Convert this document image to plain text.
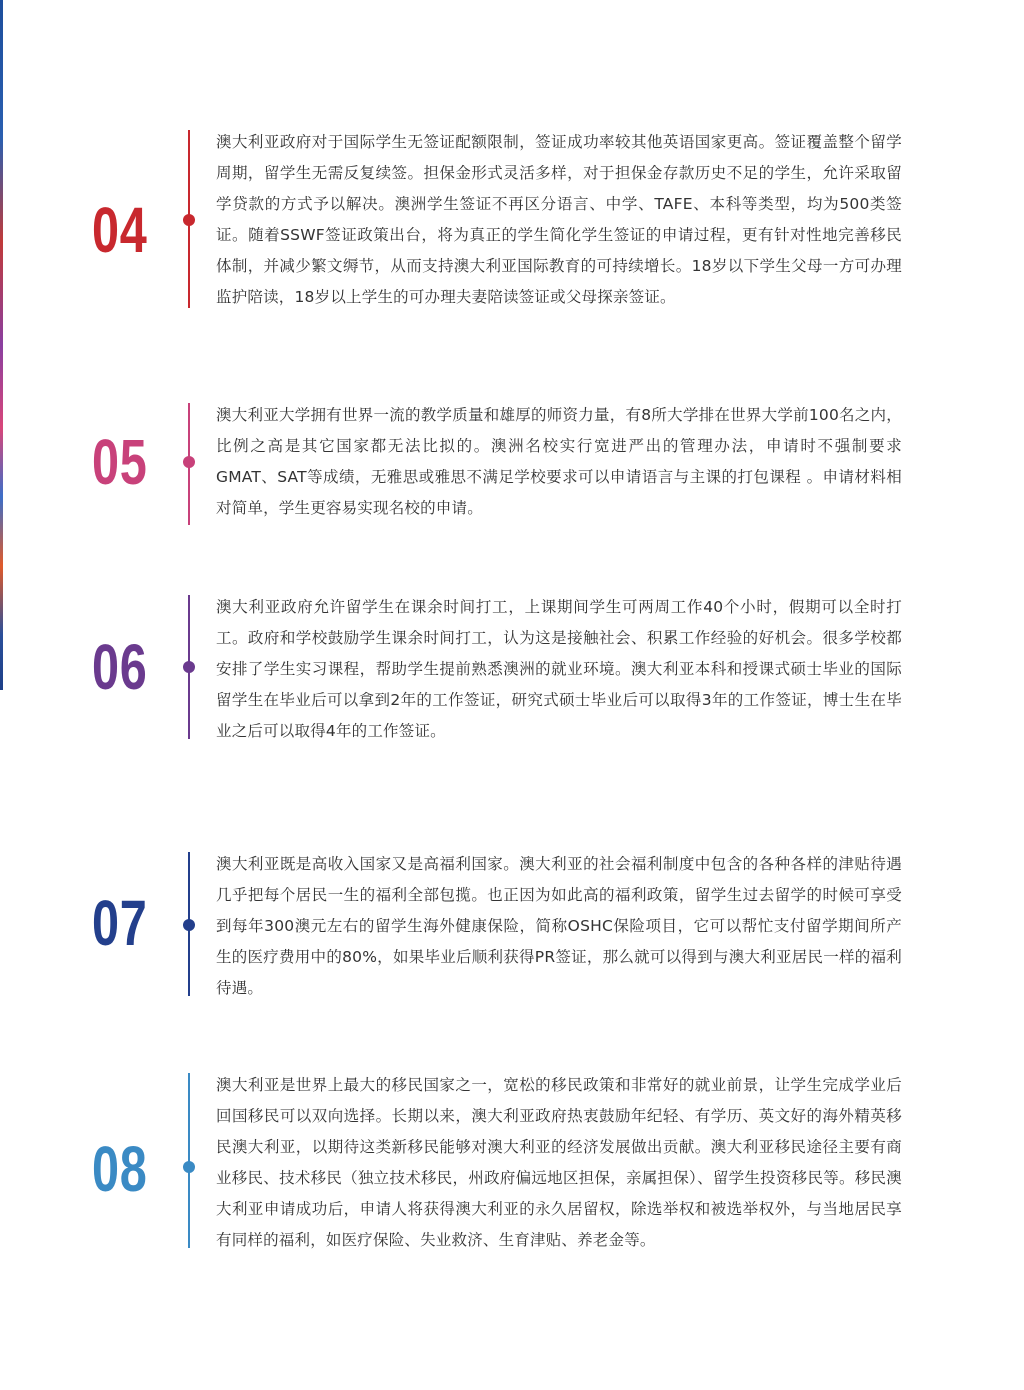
04

澳大利亚政府对于国际学生无签证配额限制，签证成功率较其他英语国家更高。签证覆盖整个留学周期，留学生无需反复续签。担保金形式灵活多样，对于担保金存款历史不足的学生，允许采取留学贷款的方式予以解决。澳洲学生签证不再区分语言、中学、TAFE、本科等类型，均为500类签证。随着SSWF签证政策出台，将为真正的学生简化学生签证的申请过程，更有针对性地完善移民体制，并减少繁文缛节，从而支持澳大利亚国际教育的可持续增长。18岁以下学生父母一方可办理监护陪读，18岁以上学生的可办理夫妻陪读签证或父母探亲签证。

05

澳大利亚大学拥有世界一流的教学质量和雄厚的师资力量，有8所大学排在世界大学前100名之内，比例之高是其它国家都无法比拟的。澳洲名校实行宽进严出的管理办法，申请时不强制要求GMAT、SAT等成绩，无雅思或雅思不满足学校要求可以申请语言与主课的打包课程 。申请材料相对简单，学生更容易实现名校的申请。

06

澳大利亚政府允许留学生在课余时间打工，上课期间学生可两周工作40个小时，假期可以全时打工。政府和学校鼓励学生课余时间打工，认为这是接触社会、积累工作经验的好机会。很多学校都安排了学生实习课程，帮助学生提前熟悉澳洲的就业环境。澳大利亚本科和授课式硕士毕业的国际留学生在毕业后可以拿到2年的工作签证，研究式硕士毕业后可以取得3年的工作签证，博士生在毕业之后可以取得4年的工作签证。

07

澳大利亚既是高收入国家又是高福利国家。澳大利亚的社会福利制度中包含的各种各样的津贴待遇几乎把每个居民一生的福利全部包揽。也正因为如此高的福利政策，留学生过去留学的时候可享受到每年300澳元左右的留学生海外健康保险，简称OSHC保险项目，它可以帮忙支付留学期间所产生的医疗费用中的80%，如果毕业后顺利获得PR签证，那么就可以得到与澳大利亚居民一样的福利待遇。

08

澳大利亚是世界上最大的移民国家之一，宽松的移民政策和非常好的就业前景，让学生完成学业后回国移民可以双向选择。长期以来，澳大利亚政府热衷鼓励年纪轻、有学历、英文好的海外精英移民澳大利亚，以期待这类新移民能够对澳大利亚的经济发展做出贡献。澳大利亚移民途径主要有商业移民、技术移民（独立技术移民，州政府偏远地区担保，亲属担保）、留学生投资移民等。移民澳大利亚申请成功后，申请人将获得澳大利亚的永久居留权，除选举权和被选举权外，与当地居民享有同样的福利，如医疗保险、失业救济、生育津贴、养老金等。
